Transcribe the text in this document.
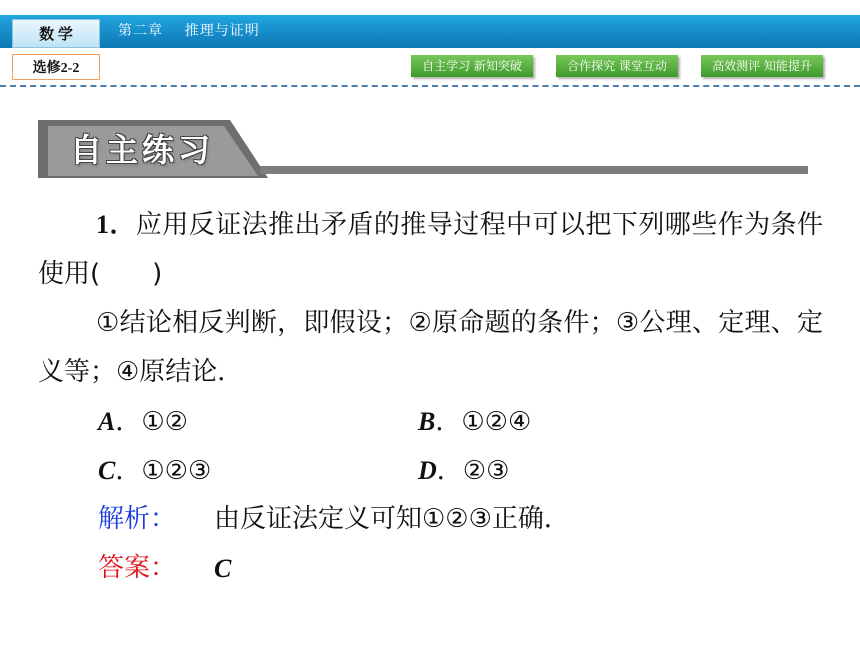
数 学	第二章    推理与证明
选修2-2	自主学习 新知突破	合作探究 课堂互动	高效测评 知能提升
自主练习

1．应用反证法推出矛盾的推导过程中可以把下列哪些作为条件使用(　　)

①结论相反判断，即假设；②原命题的条件；③公理、定理、定义等；④原结论．

A．①②	B．①②④
C．①②③	D．②③
解析： 由反证法定义可知①②③正确．
答案： C
